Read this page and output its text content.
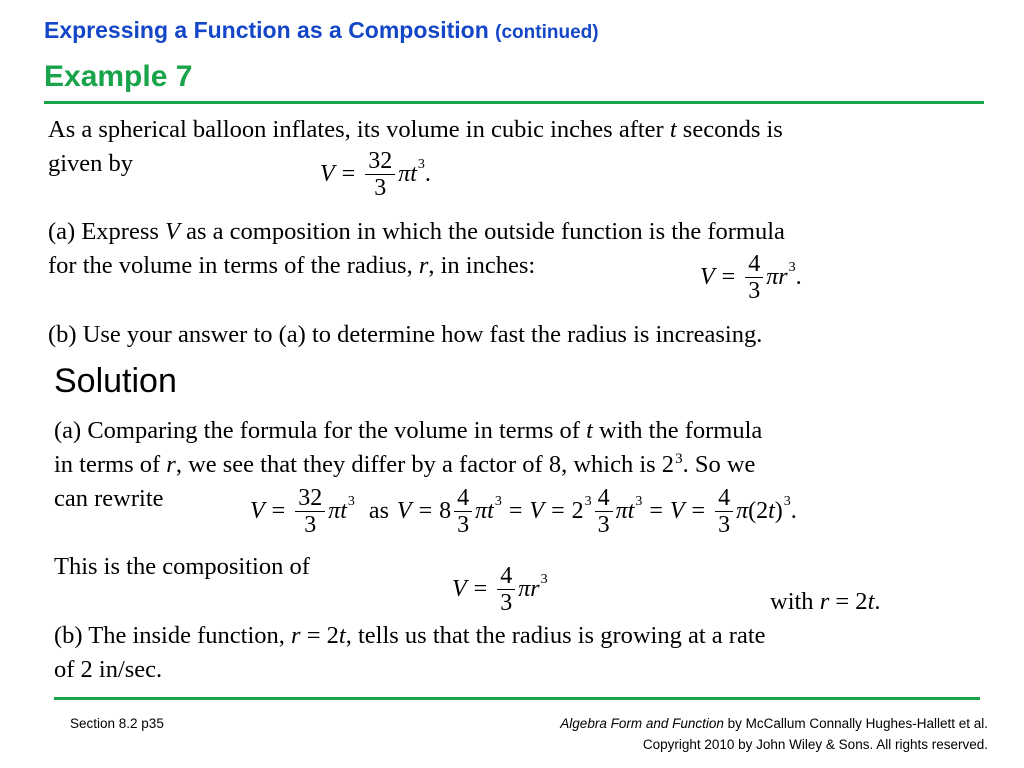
Expressing a Function as a Composition (continued)
Example 7
As a spherical balloon inflates, its volume in cubic inches after t seconds is
given by	$V = \frac{32}{3}$ π t 3 .
(a) Express V as a composition in which the outside function is the formula
for the volume in terms of the radius, r, in inches:	$V = \frac{4}{3}$ π r 3 .
(b) Use your answer to (a) to determine how fast the radius is increasing.
Solution
(a) Comparing the formula for the volume in terms of t with the formula
in terms of r, we see that they differ by a factor of 8, which is $2^3$. So we
can rewrite	$V = \frac{32}{3}$ π t 3 as $V = 8 \frac{4}{3}$ π t 3 = V = 2 $3 \frac{4}{3}$ π t $3 = V = \frac{4}{3}$ π ( 2 t ) 3 .
This is the composition of
$V = \frac{4}{3}$ π r 3
with r = 2t.
(b) The inside function, r = 2t, tells us that the radius is growing at a rate
of 2 in/sec.
Section 8.2 p35	Algebra Form and Function by McCallum Connally Hughes-Hallett et al.
Copyright 2010 by John Wiley & Sons. All rights reserved.
